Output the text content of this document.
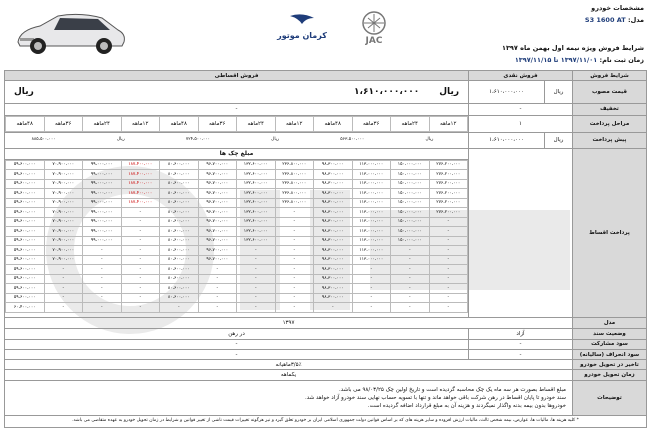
کرمان موتور
JAC
مشخصات خودرو
مدل: S3 1600 AT
شرایط فروش ویژه نیمه اول بهمن ماه ۱۳۹۷
زمان ثبت نام: ۱۳۹۷/۱۱/۰۱ تا ۱۳۹۷/۱۱/۱۵
شرایط فروش	فروش نقدی	فروش اقساطی
قیمت مصوب	ریال	۱،۶۱۰،۰۰۰،۰۰۰	
ریال
۱،۶۱۰،۰۰۰،۰۰۰
ریال

تخفیف	-	-
مراحل پرداخت	۱	
۱۲ماهه	۲۴ماهه	۳۶ماهه	۴۸ماهه	۱۲ماهه	۲۴ماهه	۳۶ماهه	۴۸ماهه	۱۲ماهه	۲۴ماهه	۳۶ماهه	۴۸ماهه

پیش پرداخت	ریال	۱،۶۱۰،۰۰۰،۰۰۰	
ریال	۵۶۳،۵۰۰،۰۰۰	ریال	۷۲۴،۵۰۰،۰۰۰	ریال	۸۸۵،۵۰۰،۰۰۰

پرداخت اقساط		
مبلغ چک ها
۲۷۶،۲۰۰،۰۰۰	۱۵۰،۰۰۰،۰۰۰	۱۱۳،۰۰۰،۰۰۰	۹۸،۳۰۰،۰۰۰	۲۳۶،۸۰۰،۰۰۰	۱۳۲،۶۰۰،۰۰۰	۹۶،۷۰۰،۰۰۰	۸۰،۶۰۰،۰۰۰	۱۸۷،۴۰۰،۰۰۰	۹۹،۰۰۰،۰۰۰	۷۰،۹۰۰،۰۰۰	۵۹،۶۰۰،۰۰۰
۲۷۶،۲۰۰،۰۰۰	۱۵۰،۰۰۰،۰۰۰	۱۱۳،۰۰۰،۰۰۰	۹۸،۳۰۰،۰۰۰	۲۳۶،۸۰۰،۰۰۰	۱۳۲،۶۰۰،۰۰۰	۹۶،۷۰۰،۰۰۰	۸۰،۶۰۰،۰۰۰	۱۸۷،۴۰۰،۰۰۰	۹۹،۰۰۰،۰۰۰	۷۰،۹۰۰،۰۰۰	۵۹،۶۰۰،۰۰۰
۲۷۶،۲۰۰،۰۰۰	۱۵۰،۰۰۰،۰۰۰	۱۱۳،۰۰۰،۰۰۰	۹۸،۳۰۰،۰۰۰	۲۳۶،۸۰۰،۰۰۰	۱۳۲،۶۰۰،۰۰۰	۹۶،۷۰۰،۰۰۰	۸۰،۶۰۰،۰۰۰	۱۸۷،۴۰۰،۰۰۰	۹۹،۰۰۰،۰۰۰	۷۰،۹۰۰،۰۰۰	۵۹،۶۰۰،۰۰۰
۲۷۶،۲۰۰،۰۰۰	۱۵۰،۰۰۰،۰۰۰	۱۱۳،۰۰۰،۰۰۰	۹۸،۳۰۰،۰۰۰	۲۳۶،۸۰۰،۰۰۰	۱۳۲،۶۰۰،۰۰۰	۹۶،۷۰۰،۰۰۰	۸۰،۶۰۰،۰۰۰	۱۸۷،۴۰۰،۰۰۰	۹۹،۰۰۰،۰۰۰	۷۰،۹۰۰،۰۰۰	۵۹،۶۰۰،۰۰۰
۲۷۶،۲۰۰،۰۰۰	۱۵۰،۰۰۰،۰۰۰	۱۱۳،۰۰۰،۰۰۰	۹۸،۳۰۰،۰۰۰	۲۳۶،۸۰۰،۰۰۰	۱۳۲،۶۰۰،۰۰۰	۹۶،۷۰۰،۰۰۰	۸۰،۶۰۰،۰۰۰	۱۸۷،۴۰۰،۰۰۰	۹۹،۰۰۰،۰۰۰	۷۰،۹۰۰،۰۰۰	۵۹،۶۰۰،۰۰۰
۲۷۶،۲۰۰،۰۰۰	۱۵۰،۰۰۰،۰۰۰	۱۱۳،۰۰۰،۰۰۰	۹۸،۳۰۰،۰۰۰	-	۱۳۲،۶۰۰،۰۰۰	۹۶،۷۰۰،۰۰۰	۸۰،۶۰۰،۰۰۰	-	۹۹،۰۰۰،۰۰۰	۷۰،۹۰۰،۰۰۰	۵۹،۶۰۰،۰۰۰
-	۱۵۰،۰۰۰،۰۰۰	۱۱۳،۰۰۰،۰۰۰	۹۸،۳۰۰،۰۰۰	-	۱۳۲،۶۰۰،۰۰۰	۹۶،۷۰۰،۰۰۰	۸۰،۶۰۰،۰۰۰	-	۹۹،۰۰۰،۰۰۰	۷۰،۹۰۰،۰۰۰	۵۹،۶۰۰،۰۰۰
-	۱۵۰،۰۰۰،۰۰۰	۱۱۳،۰۰۰،۰۰۰	۹۸،۳۰۰،۰۰۰	-	۱۳۲،۶۰۰،۰۰۰	۹۶،۷۰۰،۰۰۰	۸۰،۶۰۰،۰۰۰	-	۹۹،۰۰۰،۰۰۰	۷۰،۹۰۰،۰۰۰	۵۹،۶۰۰،۰۰۰
-	۱۵۰،۰۰۰،۰۰۰	۱۱۳،۰۰۰،۰۰۰	۹۸،۳۰۰،۰۰۰	-	۱۳۲،۶۰۰،۰۰۰	۹۶،۷۰۰،۰۰۰	۸۰،۶۰۰،۰۰۰	-	۹۹،۰۰۰،۰۰۰	۷۰،۹۰۰،۰۰۰	۵۹،۶۰۰،۰۰۰
-	-	۱۱۳،۰۰۰،۰۰۰	۹۸،۳۰۰،۰۰۰	-	-	۹۶،۷۰۰،۰۰۰	۸۰،۶۰۰،۰۰۰	-	-	۷۰،۹۰۰،۰۰۰	۵۹،۶۰۰،۰۰۰
-	-	۱۱۳،۰۰۰،۰۰۰	۹۸،۳۰۰،۰۰۰	-	-	۹۶،۷۰۰،۰۰۰	۸۰،۶۰۰،۰۰۰	-	-	۷۰،۹۰۰،۰۰۰	۵۹،۶۰۰،۰۰۰
-	-	-	۹۸،۳۰۰،۰۰۰	-	-	-	۸۰،۶۰۰،۰۰۰	-	-	-	۵۹،۶۰۰،۰۰۰
-	-	-	۹۸،۳۰۰،۰۰۰	-	-	-	۸۰،۶۰۰،۰۰۰	-	-	-	۵۹،۶۰۰،۰۰۰
-	-	-	۹۸،۳۰۰،۰۰۰	-	-	-	۸۰،۶۰۰،۰۰۰	-	-	-	۵۹،۶۰۰،۰۰۰
-	-	-	۹۸،۳۰۰،۰۰۰	-	-	-	۸۰،۶۰۰،۰۰۰	-	-	-	۵۹،۶۰۰،۰۰۰
-	-	-	-	-	-	-	-	-	-	-	۶۰،۴۰۰،۰۰۰

مدل	۱۳۹۷
وضعیت سند	آزاد	در رهن
سود مشارکت	-	-
سود انحراف (سالیانه)	-	-
تاخیر در تحویل خودرو	۳/۵٪ماهیانه
زمان تحویل خودرو	یکماهه
توضیحات	
مبلغ اقساط بصورت هر سه ماه یک چک محاسبه گردیده است و تاریخ اولین چک ۹۸/۰۳/۲۵ می باشد.
سند خودرو تا پایان اقساط در رهن شرکت باقی خواهد ماند و تنها با تسویه حساب نهایی سند خودرو آزاد خواهد شد.
خودروها بدون بیمه بدنه واگذار نمیگردند و هزینه آن به مبلغ قرارداد اضافه گردیده است.

* کلیه هزینه ها، مالیات ها، عوارض، بیمه شخص ثالث، مالیات ارزش افزوده و سایر هزینه های که بر اساس قوانین دولت جمهوری اسلامی ایران بر خودرو تعلق گیرد و نیز هرگونه تغییرات قیمت ناشی از تغییر قوانین و شرایط در زمان تحویل خودرو به عهده متقاضی می باشد.
